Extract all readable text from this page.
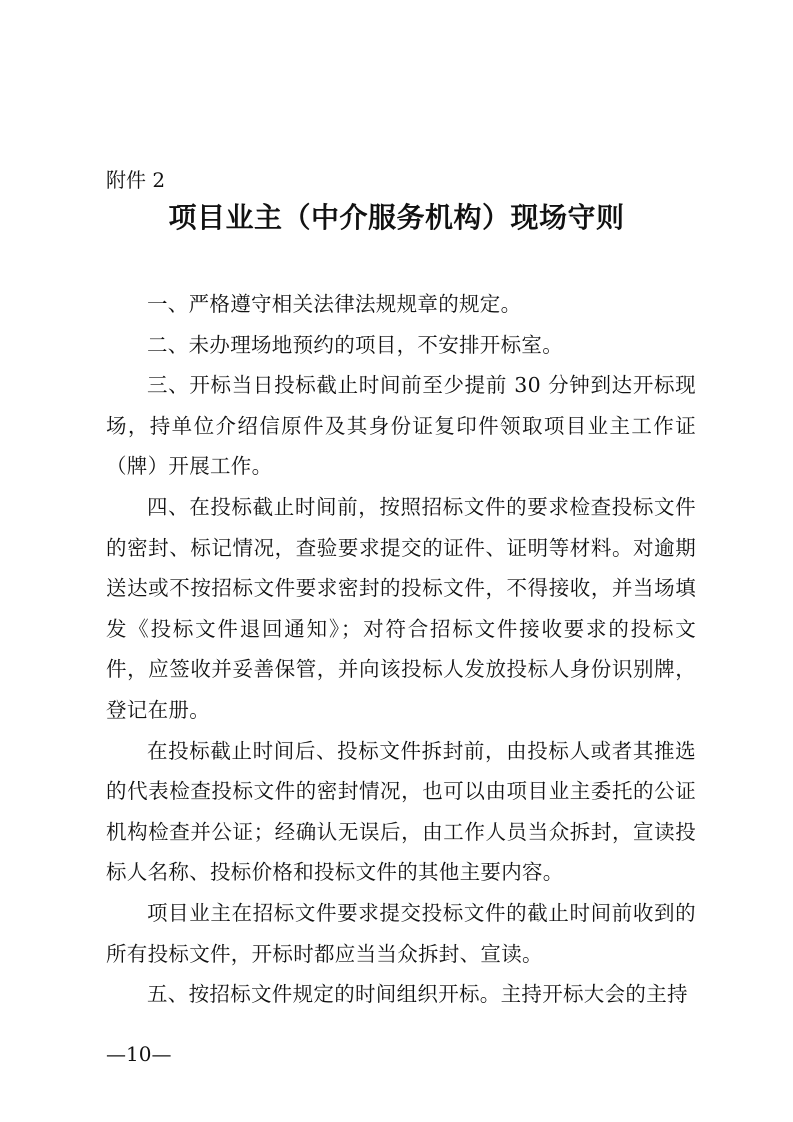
附件 2
项目业主（中介服务机构）现场守则

一、严格遵守相关法律法规规章的规定。

二、未办理场地预约的项目，不安排开标室。

三、开标当日投标截止时间前至少提前 30 分钟到达开标现场，持单位介绍信原件及其身份证复印件领取项目业主工作证（牌）开展工作。

四、在投标截止时间前，按照招标文件的要求检查投标文件的密封、标记情况，查验要求提交的证件、证明等材料。对逾期送达或不按招标文件要求密封的投标文件，不得接收，并当场填发《投标文件退回通知》；对符合招标文件接收要求的投标文件，应签收并妥善保管，并向该投标人发放投标人身份识别牌，登记在册。

在投标截止时间后、投标文件拆封前，由投标人或者其推选的代表检查投标文件的密封情况，也可以由项目业主委托的公证机构检查并公证；经确认无误后，由工作人员当众拆封，宣读投标人名称、投标价格和投标文件的其他主要内容。

项目业主在招标文件要求提交投标文件的截止时间前收到的所有投标文件，开标时都应当当众拆封、宣读。

五、按招标文件规定的时间组织开标。主持开标大会的主持

—10—
